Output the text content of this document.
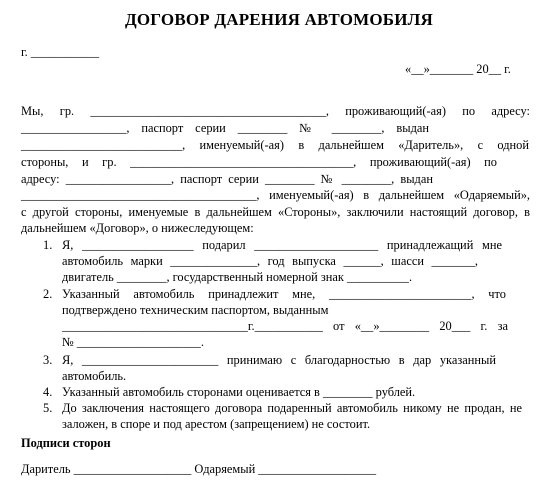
ДОГОВОР ДАРЕНИЯ АВТОМОБИЛЯ
г. ___________
«__»_______ 20__ г.
Мы, гр. ______________________________________, проживающий(-ая) по адресу:
_________________, паспорт серии ________ № ________, выдан
__________________________, именуемый(-ая) в дальнейшем «Даритель», с одной
стороны, и гр. ____________________________________, проживающий(-ая) по
адресу: _________________, паспорт серии ________ № ________, выдан
______________________________________, именуемый(-ая) в дальнейшем «Одаряемый»,
с другой стороны, именуемые в дальнейшем «Стороны», заключили настоящий договор, в
дальнейшем «Договор», о нижеследующем:
1. Я, __________________ подарил ____________________ принадлежащий мне
автомобиль марки ______________, год выпуска ______, шасси _______,
двигатель ________, государственный номерной знак __________.
2. Указанный автомобиль принадлежит мне, _______________________, что
подтверждено техническим паспортом, выданным
______________________________г.___________ от «__»________ 20___ г. за
№ ____________________.
3. Я, ______________________ принимаю с благодарностью в дар указанный
автомобиль.
4. Указанный автомобиль сторонами оценивается в ________ рублей.
5. До заключения настоящего договора подаренный автомобиль никому не продан, не
заложен, в споре и под арестом (запрещением) не состоит.
Подписи сторон
Даритель ___________________ Одаряемый ___________________
